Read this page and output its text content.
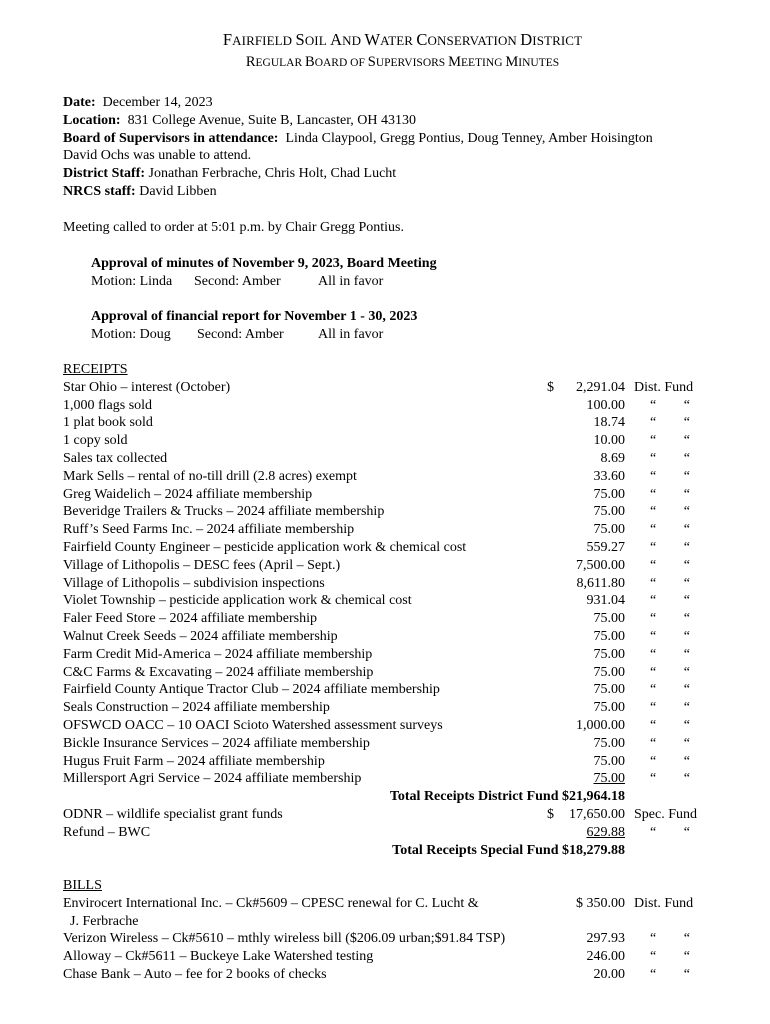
FAIRFIELD SOIL AND WATER CONSERVATION DISTRICT
REGULAR BOARD OF SUPERVISORS MEETING MINUTES
Date: December 14, 2023
Location: 831 College Avenue, Suite B, Lancaster, OH 43130
Board of Supervisors in attendance: Linda Claypool, Gregg Pontius, Doug Tenney, Amber Hoisington
David Ochs was unable to attend.
District Staff: Jonathan Ferbrache, Chris Holt, Chad Lucht
NRCS staff: David Libben
Meeting called to order at 5:01 p.m. by Chair Gregg Pontius.
Approval of minutes of November 9, 2023, Board Meeting
Motion: Linda Second: Amber	All in favor
Approval of financial report for November 1 - 30, 2023
Motion: Doug Second: Amber All in favor
RECEIPTS
Star Ohio – interest (October)	$ 2,291.04 Dist. Fund
1,000 flags sold	100.00 “ “
1 plat book sold	18.74 “ “
1 copy sold	10.00 “ “
Sales tax collected	8.69 “ “
Mark Sells – rental of no-till drill (2.8 acres) exempt	33.60 “ “
Greg Waidelich – 2024 affiliate membership	75.00 “ “
Beveridge Trailers & Trucks – 2024 affiliate membership	75.00 “ “
Ruff’s Seed Farms Inc. – 2024 affiliate membership	75.00 “ “
Fairfield County Engineer – pesticide application work & chemical cost	559.27 “ “
Village of Lithopolis – DESC fees (April – Sept.)	7,500.00 “ “
Village of Lithopolis – subdivision inspections	8,611.80 “ “
Violet Township – pesticide application work & chemical cost	931.04 “ “
Faler Feed Store – 2024 affiliate membership	75.00 “ “
Walnut Creek Seeds – 2024 affiliate membership	75.00 “ “
Farm Credit Mid-America – 2024 affiliate membership	75.00 “ “
C&C Farms & Excavating – 2024 affiliate membership	75.00 “ “
Fairfield County Antique Tractor Club – 2024 affiliate membership	75.00 “ “
Seals Construction – 2024 affiliate membership	75.00 “ “
OFSWCD OACC – 10 OACI Scioto Watershed assessment surveys	1,000.00 “ “
Bickle Insurance Services – 2024 affiliate membership	75.00 “ “
Hugus Fruit Farm – 2024 affiliate membership	75.00 “ “
Millersport Agri Service – 2024 affiliate membership	75.00 “ “
Total Receipts District Fund $21,964.18
ODNR – wildlife specialist grant funds	$ 17,650.00 Spec. Fund
Refund – BWC	629.88 “ “
Total Receipts Special Fund $18,279.88
BILLS
Envirocert International Inc. – Ck#5609 – CPESC renewal for C. Lucht &	$ 350.00 Dist. Fund
J. Ferbrache
Verizon Wireless – Ck#5610 – mthly wireless bill ($206.09 urban;$91.84 TSP)	297.93 “ “
Alloway – Ck#5611 – Buckeye Lake Watershed testing	246.00 “ “
Chase Bank – Auto – fee for 2 books of checks	20.00 “ “
